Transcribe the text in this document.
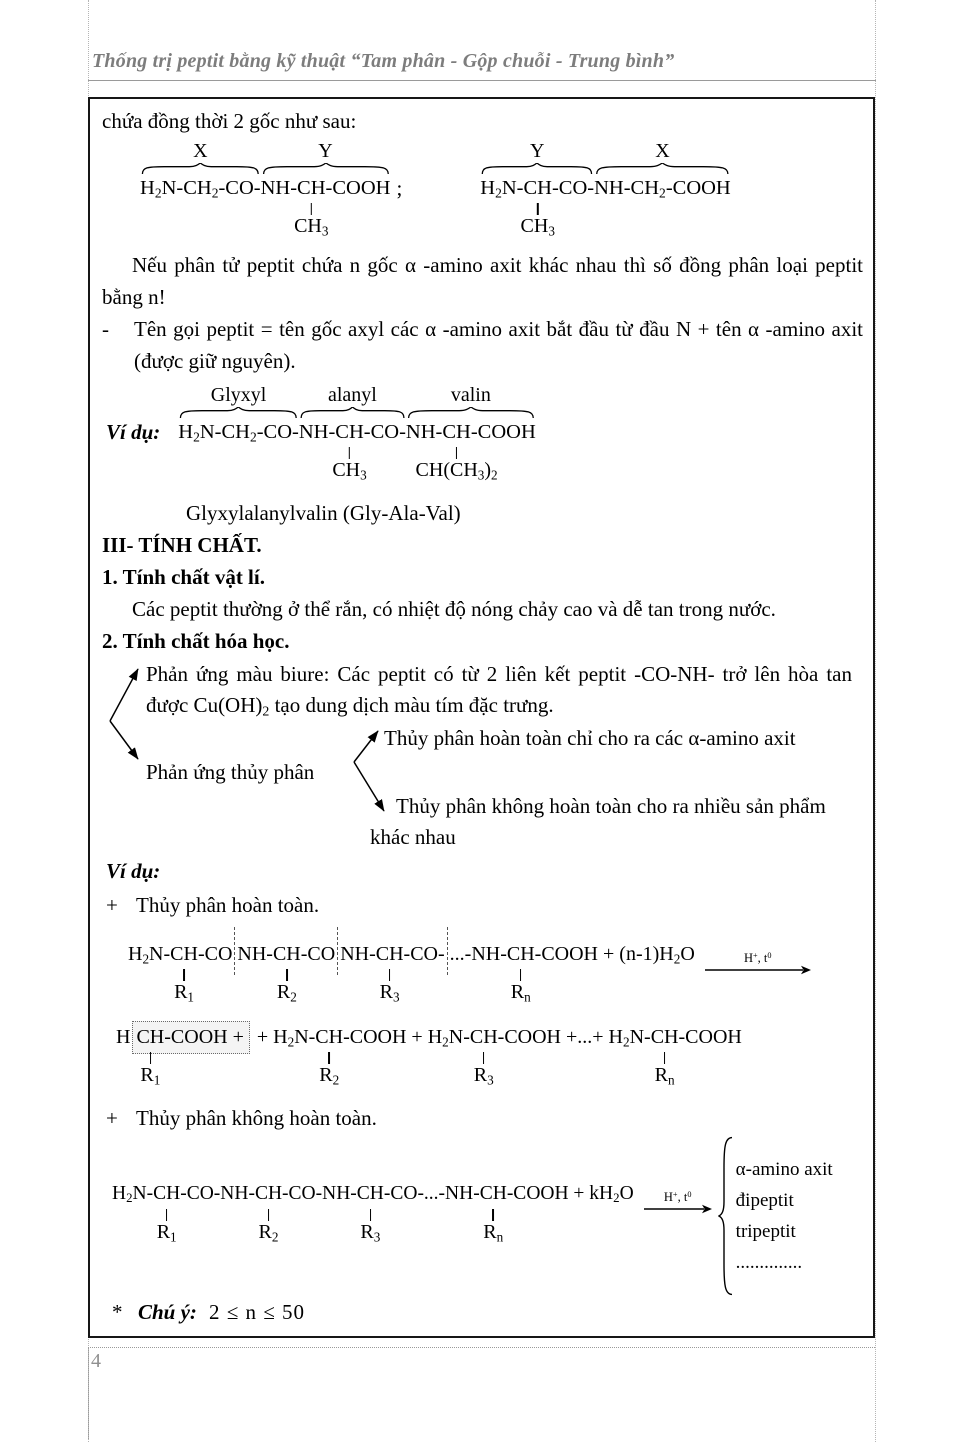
Thống trị peptit bằng kỹ thuật “Tam phân - Gộp chuỗi - Trung bình”
chứa đồng thời 2 gốc như sau:
X
$H_2N-CH_2-CO-$
Y
NH-CH
$CH_3$
-COOH ;
Y
$H_2N-CH$
$CH_3$
-CO-
X
$NH-CH_2$-COOH
Nếu phân tử peptit chứa n gốc α -amino axit khác nhau thì số đồng phân loại peptit bằng n!
-	Tên gọi peptit = tên gốc axyl các α -amino axit bắt đầu từ đầu N + tên α -amino axit (được giữ nguyên).
Ví dụ:
Glyxyl
$H_2N-CH_2-CO-$
alanyl
NH-CH
$CH_3$
-CO-
valin
NH-CH
$CH(CH_3)_2$
-COOH
Glyxylalanylvalin (Gly-Ala-Val)
III- TÍNH CHẤT.
1. Tính chất vật lí.
Các peptit thường ở thể rắn, có nhiệt độ nóng chảy cao và dễ tan trong nước.
2. Tính chất hóa học.
Phản ứng màu biure: Các peptit có từ 2 liên kết peptit -CO-NH- trở lên hòa tan được $Cu(OH)_2$ tạo dung dịch màu tím đặc trưng.
Thủy phân hoàn toàn chỉ cho ra các α-amino axit
Phản ứng thủy phân
Thủy phân không hoàn toàn cho ra nhiều sản phẩm khác nhau
Ví dụ:
+ Thủy phân hoàn toàn.
$H_2N-CH$
$R_1$
-CO NH-CH
$R_2$
-CO NH-CH
$R_3$
-CO- ...-NH-CH
$R_n$
-COOH + $(n-1)H_2O$	H+, $t^0$
H CH
$R_1$
-COOH + + $H_2N-CH$
$R_2$
-COOH + $H_2N-CH$
$R_3$
-COOH +...+ $H_2N-CH$
$R_n$
-COOH
+ Thủy phân không hoàn toàn.
$H_2N-CH$
$R_1$
-CO-NH-CH
$R_2$
-CO-NH-CH
$R_3$
-CO-...-NH-CH
$R_n$
-COOH + $kH_2O$ H+, $t^0$
α-amino axit
đipeptit
tripeptit
..............
* Chú ý: 2 ≤ n ≤ 50
4
